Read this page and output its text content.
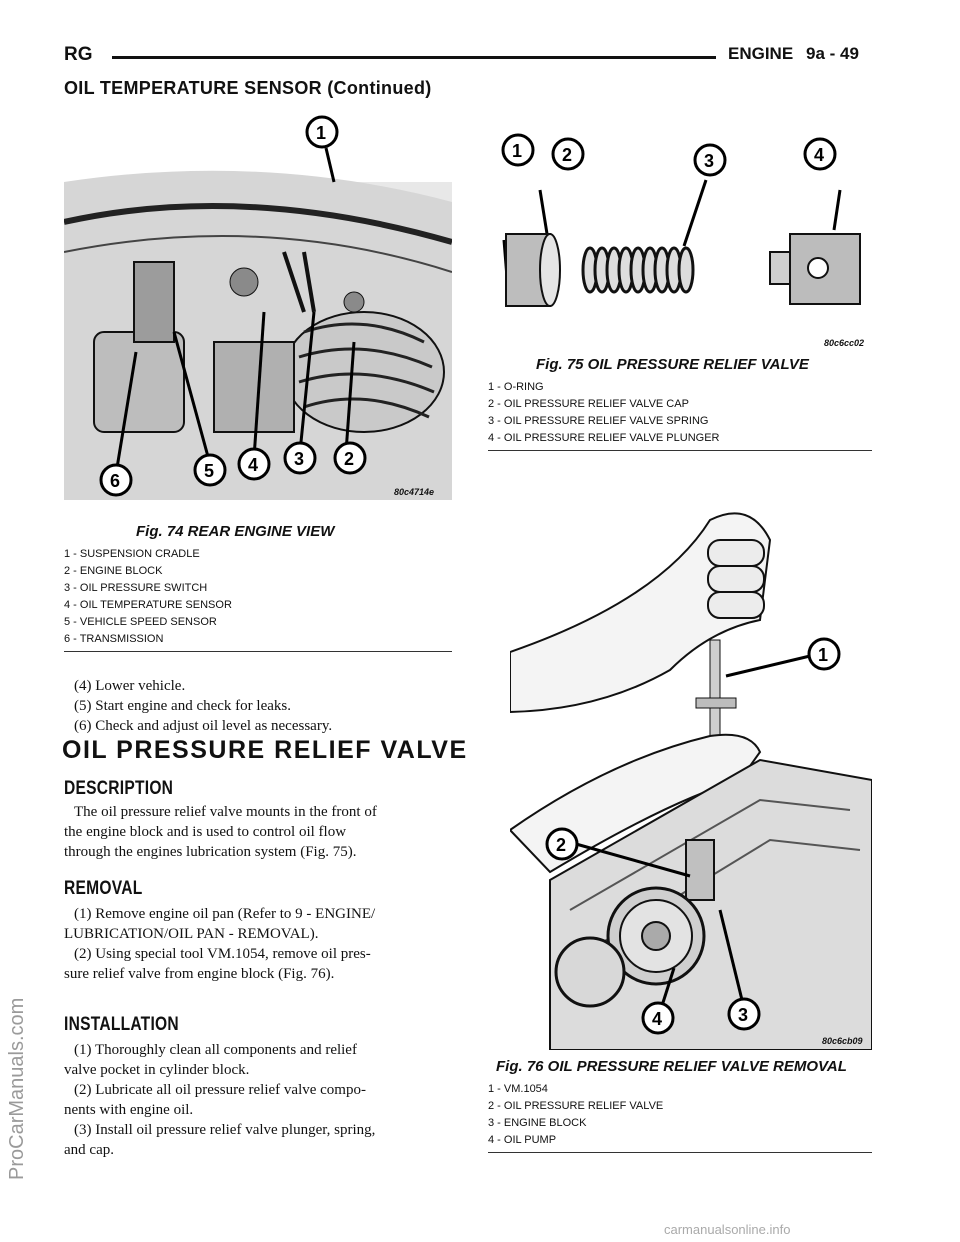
RG	ENGINE 9a - 49
OIL TEMPERATURE SENSOR (Continued)
1
2
3
4
5
6
80c4714e
Fig. 74 REAR ENGINE VIEW
1 - SUSPENSION CRADLE
2 - ENGINE BLOCK
3 - OIL PRESSURE SWITCH
4 - OIL TEMPERATURE SENSOR
5 - VEHICLE SPEED SENSOR
6 - TRANSMISSION
(4) Lower vehicle.
(5) Start engine and check for leaks.
(6) Check and adjust oil level as necessary.
OIL PRESSURE RELIEF VALVE
DESCRIPTION
The oil pressure relief valve mounts in the front of
the engine block and is used to control oil flow
through the engines lubrication system (Fig. 75).
REMOVAL
(1) Remove engine oil pan (Refer to 9 - ENGINE/
LUBRICATION/OIL PAN - REMOVAL).
(2) Using special tool VM.1054, remove oil pres-
sure relief valve from engine block (Fig. 76).
INSTALLATION
(1) Thoroughly clean all components and relief
valve pocket in cylinder block.
(2) Lubricate all oil pressure relief valve compo-
nents with engine oil.
(3) Install oil pressure relief valve plunger, spring,
and cap.
1 2	3	4
80c6cc02
Fig. 75 OIL PRESSURE RELIEF VALVE
1 - O-RING
2 - OIL PRESSURE RELIEF VALVE CAP
3 - OIL PRESSURE RELIEF VALVE SPRING
4 - OIL PRESSURE RELIEF VALVE PLUNGER
1
2
3
4
80c6cb09
Fig. 76 OIL PRESSURE RELIEF VALVE REMOVAL
1 - VM.1054
2 - OIL PRESSURE RELIEF VALVE
3 - ENGINE BLOCK
4 - OIL PUMP
ProCarManuals.com
carmanualsonline.info
